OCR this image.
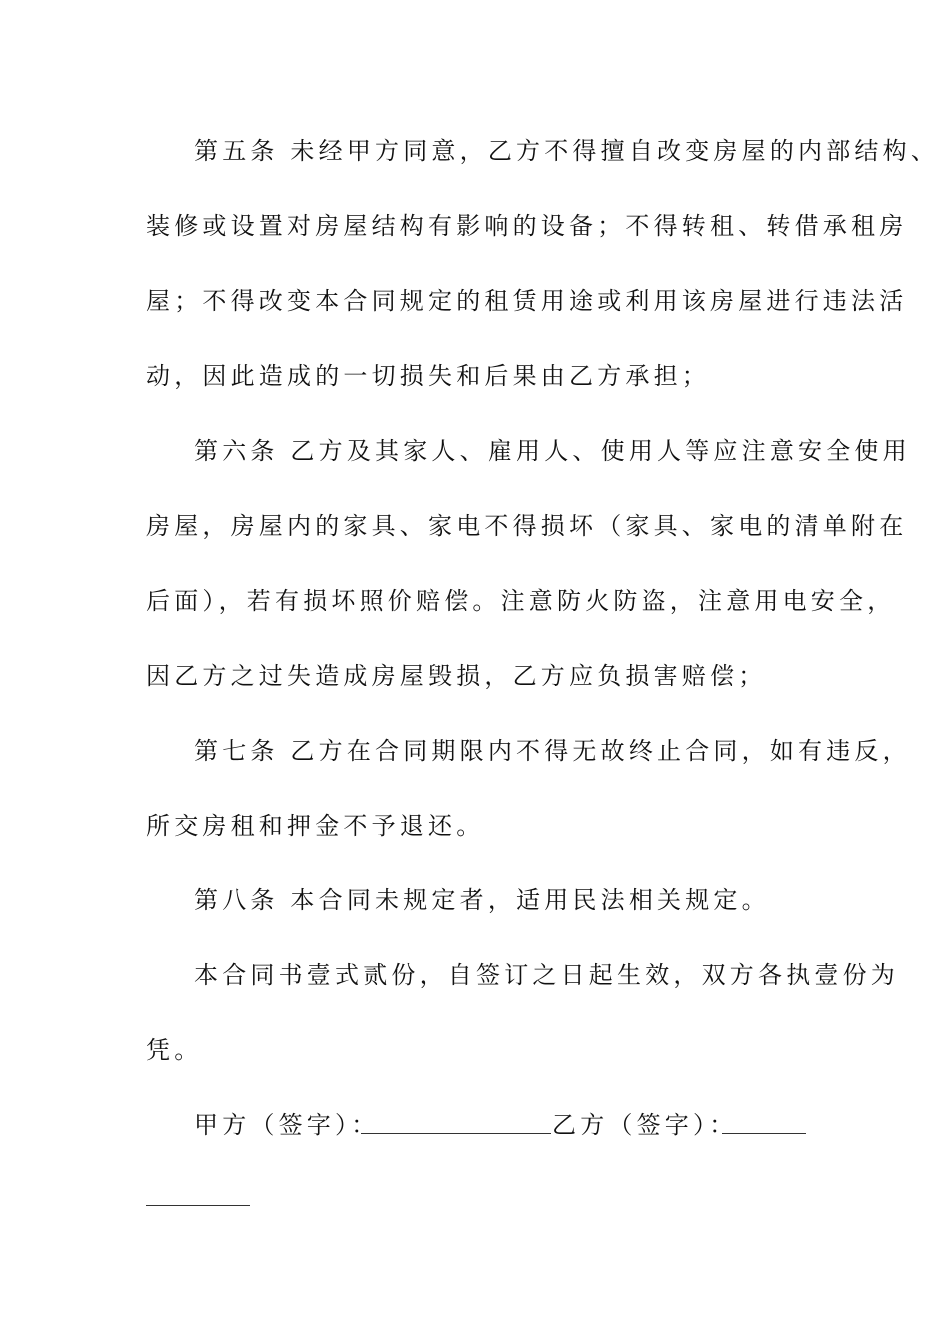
第五条 未经甲方同意，乙方不得擅自改变房屋的内部结构、
装修或设置对房屋结构有影响的设备；不得转租、转借承租房
屋；不得改变本合同规定的租赁用途或利用该房屋进行违法活
动，因此造成的一切损失和后果由乙方承担；
第六条 乙方及其家人、雇用人、使用人等应注意安全使用
房屋，房屋内的家具、家电不得损坏（家具、家电的清单附在
后面），若有损坏照价赔偿。注意防火防盗，注意用电安全，
因乙方之过失造成房屋毁损，乙方应负损害赔偿；
第七条 乙方在合同期限内不得无故终止合同，如有违反，
所交房租和押金不予退还。
第八条 本合同未规定者，适用民法相关规定。
本合同书壹式贰份，自签订之日起生效，双方各执壹份为
凭。
甲方（签字）：	乙方（签字）：
